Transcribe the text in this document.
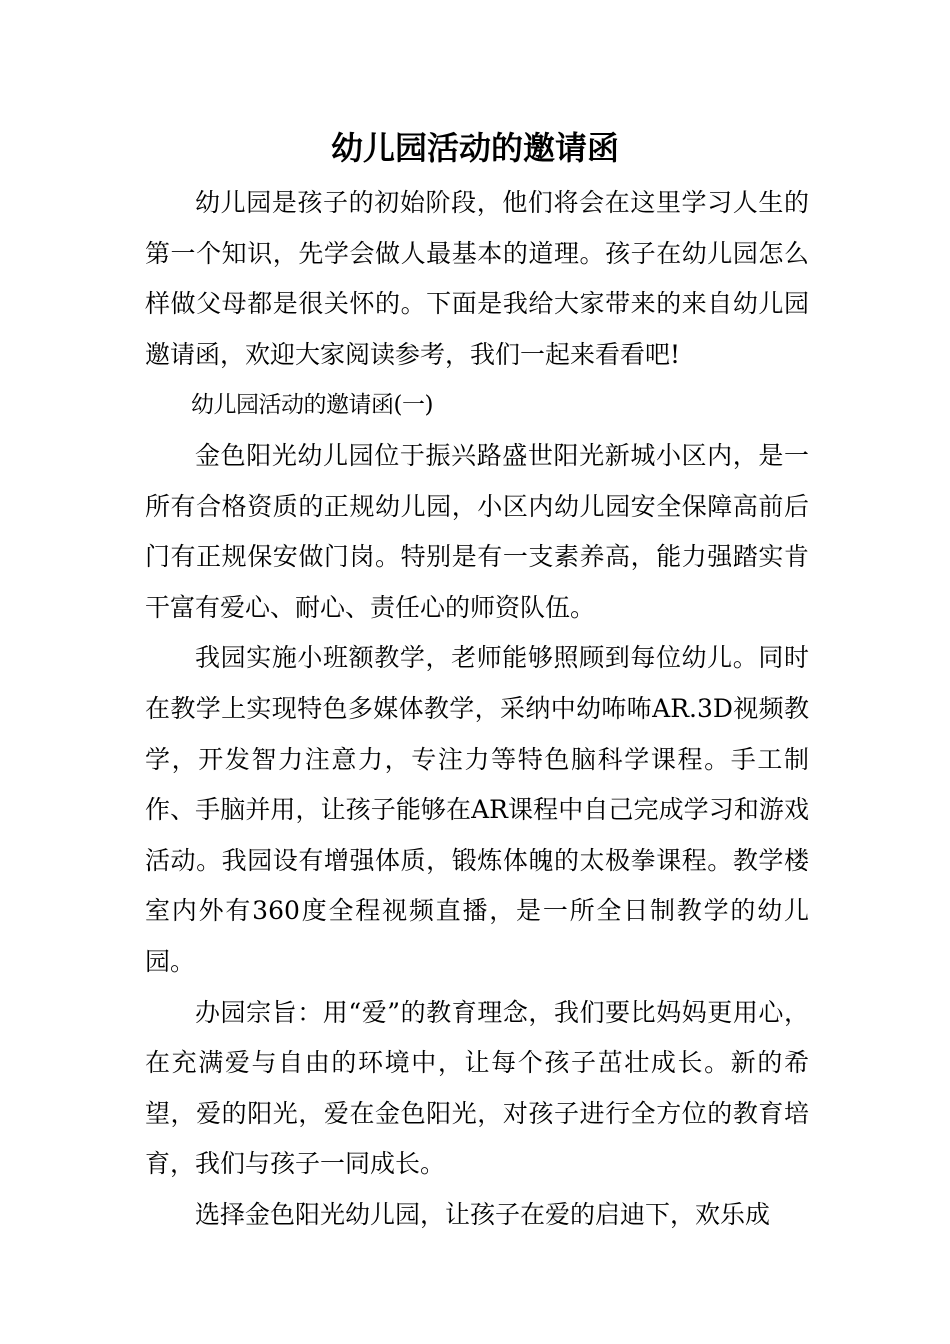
幼儿园活动的邀请函

幼儿园是孩子的初始阶段，他们将会在这里学习人生的第一个知识，先学会做人最基本的道理。孩子在幼儿园怎么样做父母都是很关怀的。下面是我给大家带来的来自幼儿园邀请函，欢迎大家阅读参考，我们一起来看看吧!

幼儿园活动的邀请函(一)

金色阳光幼儿园位于振兴路盛世阳光新城小区内，是一所有合格资质的正规幼儿园，小区内幼儿园安全保障高前后门有正规保安做门岗。特别是有一支素养高，能力强踏实肯干富有爱心、耐心、责任心的师资队伍。

我园实施小班额教学，老师能够照顾到每位幼儿。同时在教学上实现特色多媒体教学，采纳中幼咘咘AR.3D视频教学，开发智力注意力，专注力等特色脑科学课程。手工制作、手脑并用，让孩子能够在AR课程中自己完成学习和游戏活动。我园设有增强体质，锻炼体魄的太极拳课程。教学楼室内外有360度全程视频直播，是一所全日制教学的幼儿园。

办园宗旨：用“爱”的教育理念，我们要比妈妈更用心，在充满爱与自由的环境中，让每个孩子茁壮成长。新的希望，爱的阳光，爱在金色阳光，对孩子进行全方位的教育培育，我们与孩子一同成长。

选择金色阳光幼儿园，让孩子在爱的启迪下，欢乐成
